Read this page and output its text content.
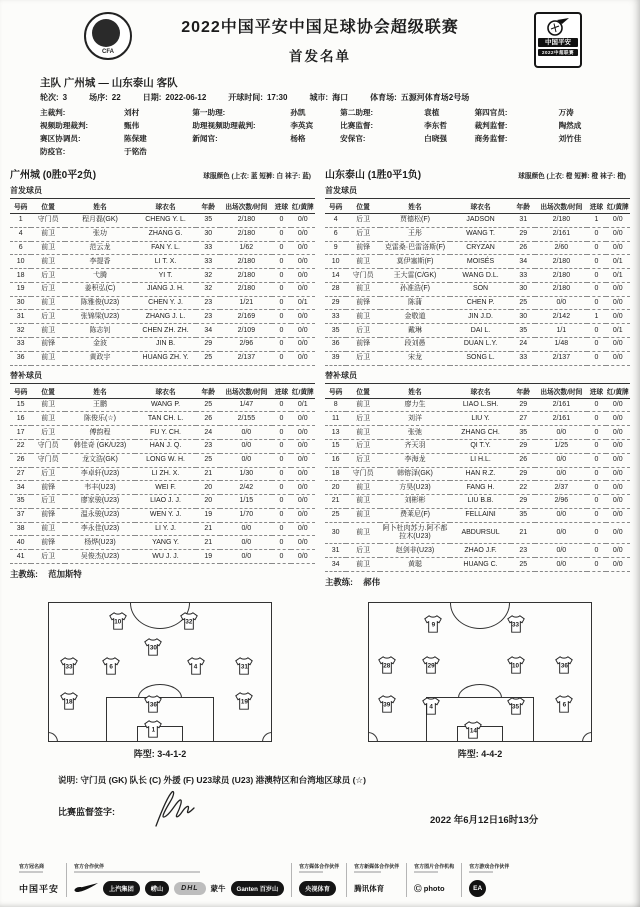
CFA
2022中国平安中国足球协会超级联赛
首发名单
中国平安
2022中超联赛
主队 广州城 — 山东泰山 客队
轮次: 3	场序: 22	日期: 2022-06-12	开球时间: 17:30	城市: 海口	体育场: 五源河体育场2号场
主裁判:	刘村
视频助理裁判:	甄伟
赛区协调员:	陈保建
防疫官:	于铭浩
第一助理:	孙凯
助理视频助理裁判:	李英宾
新闻官:	杨格
第二助理:	袁植
比赛监督:	李东哲
安保官:	白晓强
第四官员:	万涛
裁判监督:	陶然成
商务监督:	刘竹佳
广州城 (0胜0平2负)	球服颜色 (上衣: 蓝 短裤: 白 袜子: 蓝)
首发球员
号码	位置	姓名	球衣名	年龄	出场次数/时间	进球	红/黄牌
1	守门员	程月磊(GK)	CHENG Y. L.	35	2/180	0	0/0
4	前卫	张功	ZHANG G.	30	2/180	0	0/0
6	前卫	范云龙	FAN Y. L.	33	1/62	0	0/0
10	前卫	李提香	LI T. X.	33	2/180	0	0/0
18	后卫	弋腾	YI T.	32	2/180	0	0/0
19	后卫	姜积弘(C)	JIANG J. H.	32	2/180	0	0/0
30	前卫	陈雅俊(U23)	CHEN Y. J.	23	1/21	0	0/1
31	后卫	张锦梁(U23)	ZHANG J. L.	23	2/169	0	0/0
32	前卫	陈志钊	CHEN ZH. ZH.	34	2/109	0	0/0
33	前锋	金波	JIN B.	29	2/96	0	0/0
36	前卫	黄政宇	HUANG ZH. Y.	25	2/137	0	0/0
替补球员
号码	位置	姓名	球衣名	年龄	出场次数/时间	进球	红/黄牌
15	前卫	王鹏	WANG P.	25	1/47	0	0/1
16	前卫	陈俊乐(☆)	TAN CH. L.	26	2/155	0	0/0
17	后卫	傅韵程	FU Y. CH.	24	0/0	0	0/0
22	守门员	韩佳奇 (GK/U23)	HAN J. Q.	23	0/0	0	0/0
26	守门员	龙文浩(GK)	LONG W. H.	25	0/0	0	0/0
27	后卫	李卓轩(U23)	LI ZH. X.	21	1/30	0	0/0
34	前锋	韦丰(U23)	WEI F.	20	2/42	0	0/0
35	后卫	廖家骏(U23)	LIAO J. J.	20	1/15	0	0/0
37	前锋	温永骏(U23)	WEN Y. J.	19	1/70	0	0/0
38	前卫	李永佳(U23)	LI Y. J.	21	0/0	0	0/0
40	前锋	杨烨(U23)	YANG Y.	21	0/0	0	0/0
41	后卫	吴俊杰(U23)	WU J. J.	19	0/0	0	0/0
主教练: 范加斯特
山东泰山 (1胜0平1负)	球服颜色 (上衣: 橙 短裤: 橙 袜子: 橙)
首发球员
号码	位置	姓名	球衣名	年龄	出场次数/时间	进球	红/黄牌
4	后卫	贾德松(F)	JADSON	31	2/180	1	0/0
6	后卫	王彤	WANG T.	29	2/161	0	0/0
9	前锋	克雷桑·巴雷洛斯(F)	CRYZAN	26	2/60	0	0/0
10	前卫	莫伊塞斯(F)	MOISÉS	34	2/180	0	0/1
14	守门员	王大雷(C/GK)	WANG D.L.	33	2/180	0	0/1
28	前卫	孙准浩(F)	SON	30	2/180	0	0/0
29	前锋	陈蒲	CHEN P.	25	0/0	0	0/0
33	前卫	金敬道	JIN J.D.	30	2/142	1	0/0
35	后卫	戴琳	DAI L.	35	1/1	0	0/1
36	前锋	段刘愚	DUAN L.Y.	24	1/48	0	0/0
39	后卫	宋龙	SONG L.	33	2/137	0	0/0
替补球员
号码	位置	姓名	球衣名	年龄	出场次数/时间	进球	红/黄牌
8	前卫	廖力生	LIAO L.SH.	29	2/161	0	0/0
11	后卫	刘洋	LIU Y.	27	2/161	0	0/0
13	前卫	张弛	ZHANG CH.	35	0/0	0	0/0
15	后卫	齐天羽	QI T.Y.	29	1/25	0	0/0
16	后卫	李海龙	LI H.L.	26	0/0	0	0/0
18	守门员	韩镕泽(GK)	HAN R.Z.	29	0/0	0	0/0
20	前卫	方昊(U23)	FANG H.	22	2/37	0	0/0
21	前卫	刘彬彬	LIU B.B.	29	2/96	0	0/0
25	前卫	费莱尼(F)	FELLAINI	35	0/0	0	0/0
30	前卫	阿卜杜肉苏力.阿不都拉木(U23)	ABDURSUL	21	0/0	0	0/0
31	后卫	赵剑非(U23)	ZHAO J.F.	23	0/0	0	0/0
34	前卫	黄聪	HUANG C.	25	0/0	0	0/0
主教练: 郝伟
10	32
30
33	6	4	31
18	36	19
1
阵型: 3-4-1-2
9	33
28	29	10	36
39	4	35	6
14
阵型: 4-4-2
说明: 守门员 (GK) 队长 (C) 外援 (F) U23球员 (U23) 港澳特区和台湾地区球员 (☆)
比赛监督签字:
2022 年6月12日16时13分
官方冠名商
中国平安
官方合作伙伴
上汽集团	崂山	DHL	蒙牛	Ganten 百岁山
官方媒体合作伙伴
央视体育
官方新媒体合作伙伴
腾讯体育
官方图片合作机构
Ⓒ photo
官方游戏合作伙伴
EA
